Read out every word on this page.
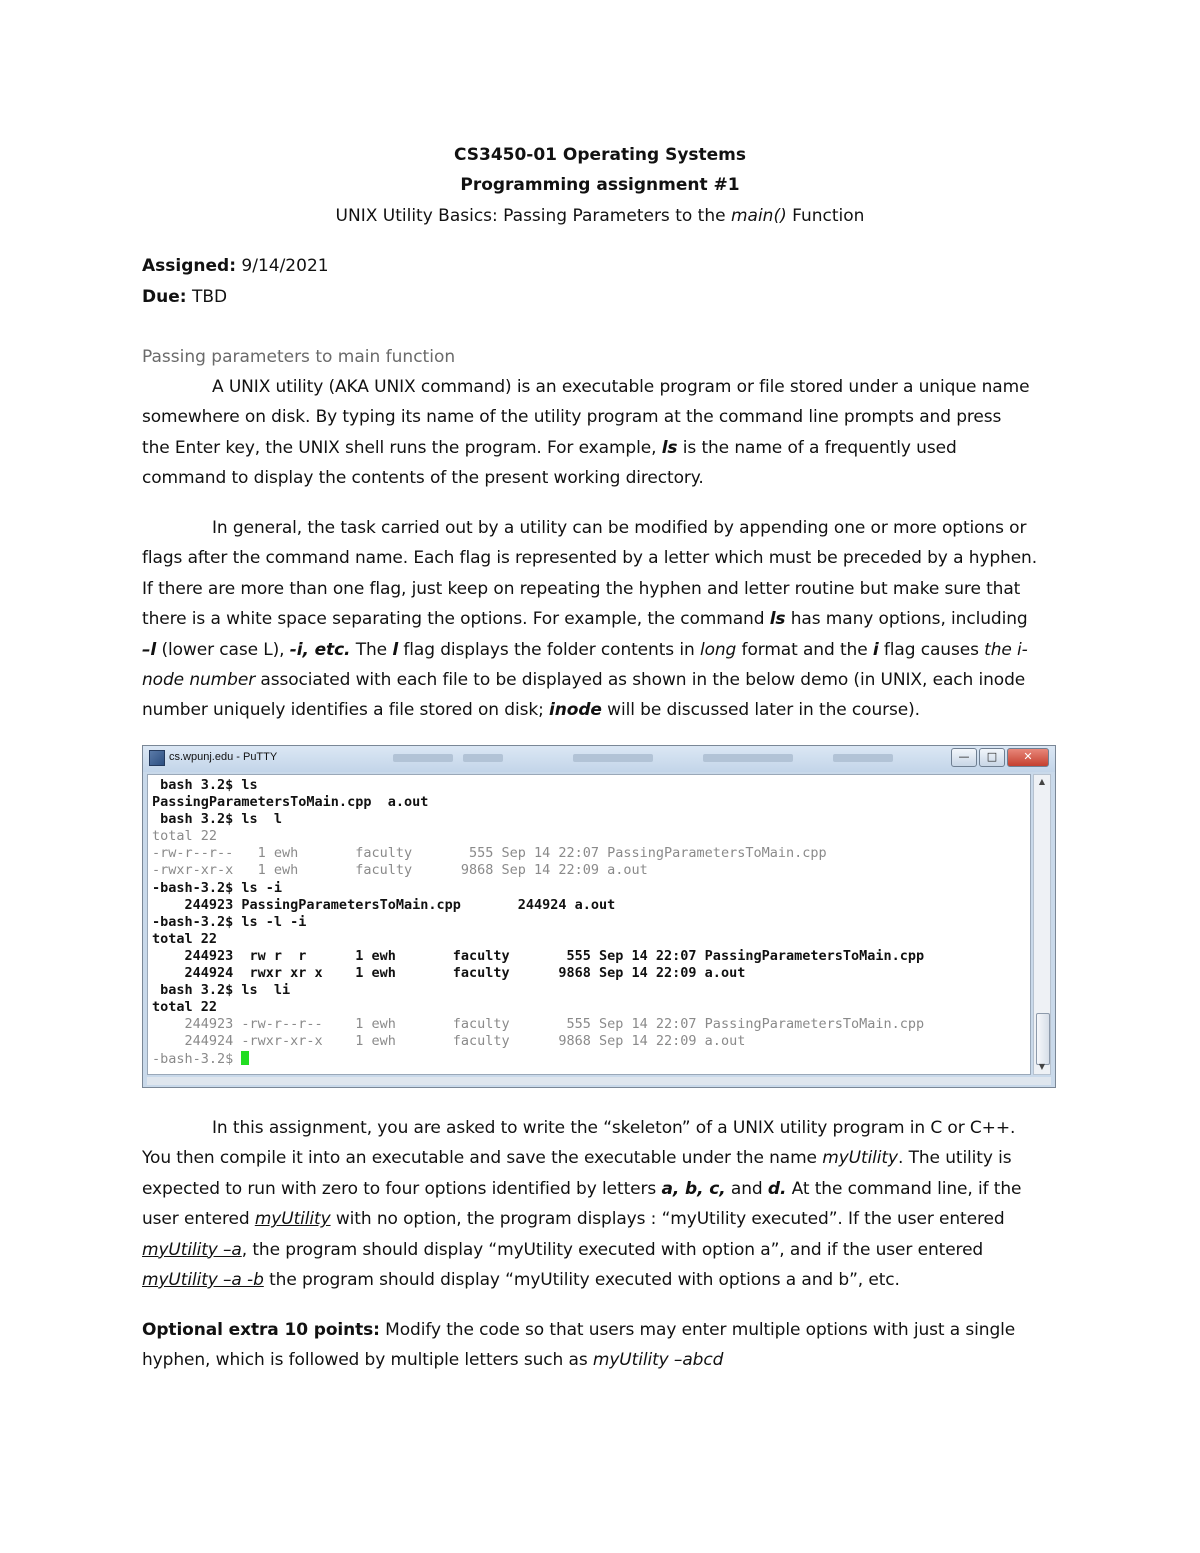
CS3450-01 Operating Systems
Programming assignment #1
UNIX Utility Basics: Passing Parameters to the main() Function
Assigned: 9/14/2021
Due: TBD
Passing parameters to main function
A UNIX utility (AKA UNIX command) is an executable program or file stored under a unique name
somewhere on disk. By typing its name of the utility program at the command line prompts and press
the Enter key, the UNIX shell runs the program. For example, ls is the name of a frequently used
command to display the contents of the present working directory.
In general, the task carried out by a utility can be modified by appending one or more options or
flags after the command name. Each flag is represented by a letter which must be preceded by a hyphen.
If there are more than one flag, just keep on repeating the hyphen and letter routine but make sure that
there is a white space separating the options. For example, the command ls has many options, including
–l (lower case L), -i, etc. The l flag displays the folder contents in long format and the i flag causes the i-
node number associated with each file to be displayed as shown in the below demo (in UNIX, each inode
number uniquely identifies a file stored on disk; inode will be discussed later in the course).
cs.wpunj.edu - PuTTY	—	□	✕
bash 3.2$ ls
PassingParametersToMain.cpp  a.out
bash 3.2$ ls  l
total 22
-rw-r--r--   1 ewh       faculty       555 Sep 14 22:07 PassingParametersToMain.cpp
-rwxr-xr-x   1 ewh       faculty      9868 Sep 14 22:09 a.out
-bash-3.2$ ls -i
244923 PassingParametersToMain.cpp       244924 a.out
-bash-3.2$ ls -l -i
total 22
244923  rw r  r      1 ewh       faculty       555 Sep 14 22:07 PassingParametersToMain.cpp
244924  rwxr xr x    1 ewh       faculty      9868 Sep 14 22:09 a.out
bash 3.2$ ls  li
total 22
244923 -rw-r--r--    1 ewh       faculty       555 Sep 14 22:07 PassingParametersToMain.cpp
244924 -rwxr-xr-x    1 ewh       faculty      9868 Sep 14 22:09 a.out
-bash-3.2$
▲
▼
In this assignment, you are asked to write the “skeleton” of a UNIX utility program in C or C++.
You then compile it into an executable and save the executable under the name myUtility. The utility is
expected to run with zero to four options identified by letters a, b, c, and d. At the command line, if the
user entered myUtility with no option, the program displays : “myUtility executed”. If the user entered
myUtility –a, the program should display “myUtility executed with option a”, and if the user entered
myUtility –a -b the program should display “myUtility executed with options a and b”, etc.
Optional extra 10 points: Modify the code so that users may enter multiple options with just a single
hyphen, which is followed by multiple letters such as myUtility –abcd
